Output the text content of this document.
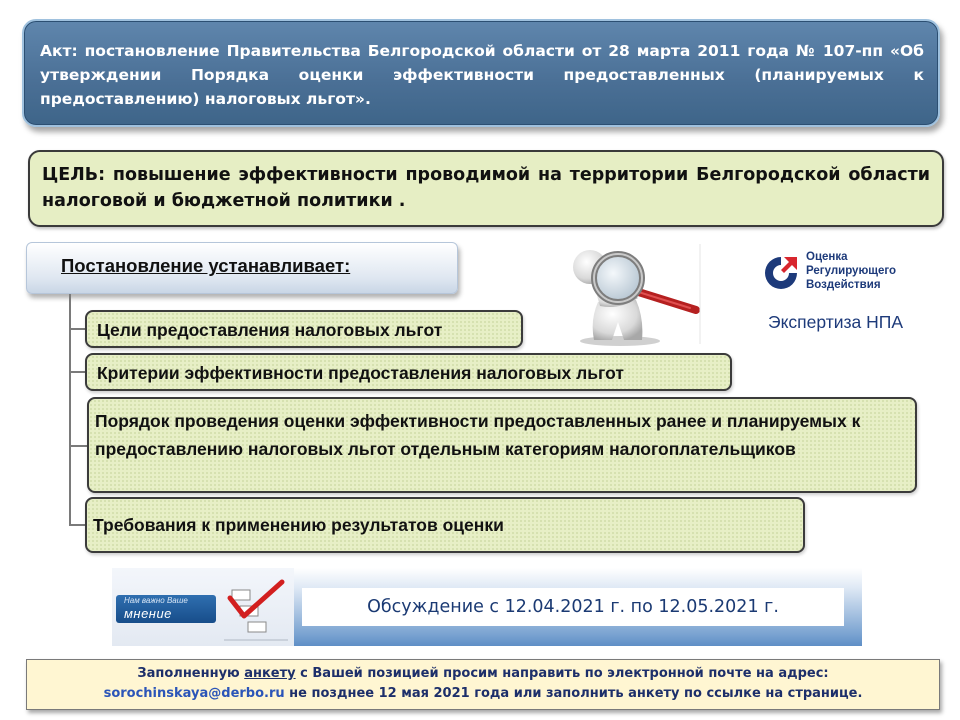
Акт: постановление Правительства Белгородской области от 28 марта 2011 года № 107-пп «Об утверждении Порядка оценки эффективности предоставленных (планируемых к предоставлению) налоговых льгот».
ЦЕЛЬ: повышение эффективности проводимой на территории Белгородской области налоговой и бюджетной политики .
Постановление устанавливает:
Цели предоставления налоговых льгот
Критерии эффективности предоставления налоговых льгот
Порядок проведения оценки эффективности предоставленных ранее и планируемых к предоставлению налоговых льгот отдельным категориям налогоплательщиков
Требования к применению результатов оценки
Оценка
Регулирующего
Воздействия
Экспертиза НПА
Нам важно Ваше
мнение	Обсуждение с 12.04.2021 г. по 12.05.2021 г.
Заполненную анкету с Вашей позицией просим направить по электронной почте на адрес:
sorochinskaya@derbo.ru не позднее 12 мая 2021 года или заполнить анкету по ссылке на странице.
